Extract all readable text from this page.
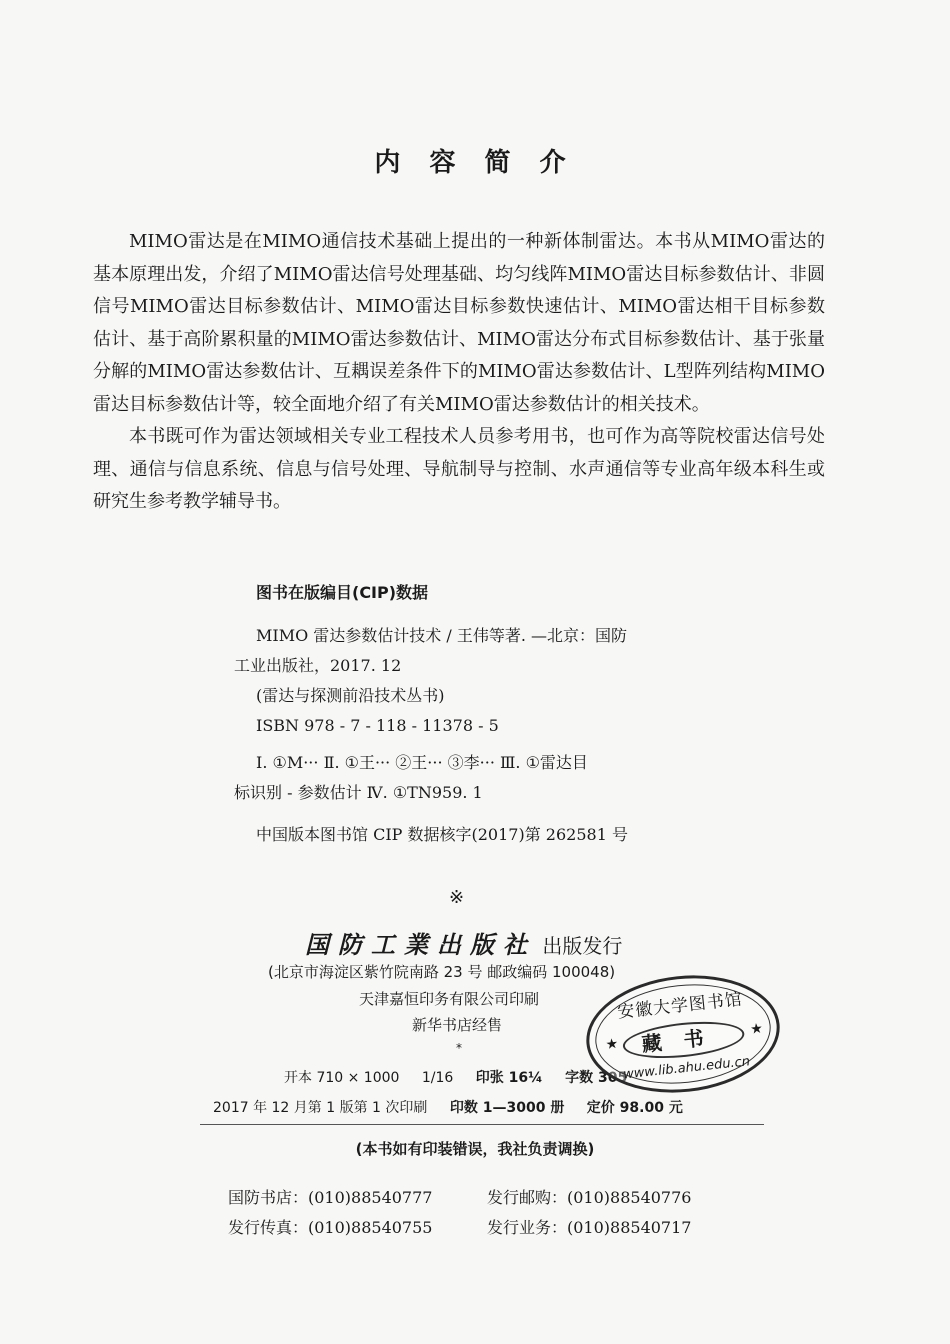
内 容 简 介

MIMO雷达是在MIMO通信技术基础上提出的一种新体制雷达。本书从MIMO雷达的基本原理出发，介绍了MIMO雷达信号处理基础、均匀线阵MIMO雷达目标参数估计、非圆信号MIMO雷达目标参数估计、MIMO雷达目标参数快速估计、MIMO雷达相干目标参数估计、基于高阶累积量的MIMO雷达参数估计、MIMO雷达分布式目标参数估计、基于张量分解的MIMO雷达参数估计、互耦误差条件下的MIMO雷达参数估计、L型阵列结构MIMO雷达目标参数估计等，较全面地介绍了有关MIMO雷达参数估计的相关技术。

本书既可作为雷达领域相关专业工程技术人员参考用书，也可作为高等院校雷达信号处理、通信与信息系统、信息与信号处理、导航制导与控制、水声通信等专业高年级本科生或研究生参考教学辅导书。

图书在版编目(CIP)数据
MIMO 雷达参数估计技术 / 王伟等著. —北京：国防
工业出版社，2017. 12
(雷达与探测前沿技术丛书)
ISBN 978 - 7 - 118 - 11378 - 5
Ⅰ. ①M··· Ⅱ. ①王··· ②王··· ③李··· Ⅲ. ①雷达目
标识别 - 参数估计 Ⅳ. ①TN959. 1
中国版本图书馆 CIP 数据核字(2017)第 262581 号
※
国防工業出版社 出版发行
(北京市海淀区紫竹院南路 23 号 邮政编码 100048)
天津嘉恒印务有限公司印刷
新华书店经售
*
开本 710 × 1000 1/16 印张 16¼ 字数 305
2017 年 12 月第 1 版第 1 次印刷 印数 1—3000 册 定价 98.00 元
(本书如有印装错误，我社负责调换)
国防书店：(010)88540777
发行传真：(010)88540755
发行邮购：(010)88540776
发行业务：(010)88540717
安徽大学图书馆
★	藏书	★
www.lib.ahu.edu.cn
